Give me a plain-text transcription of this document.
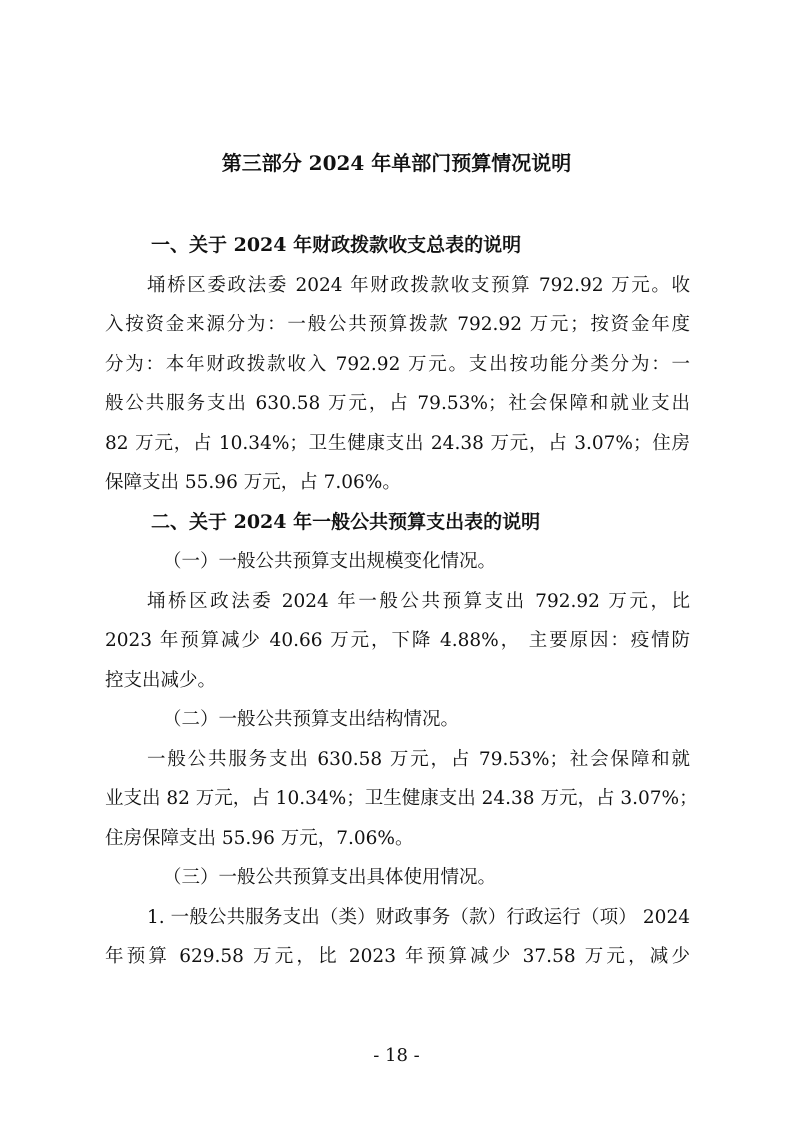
第三部分 2024 年单部门预算情况说明
一、关于 2024 年财政拨款收支总表的说明
埇桥区委政法委 2024 年财政拨款收支预算 792.92 万元。收
入按资金来源分为：一般公共预算拨款 792.92 万元；按资金年度
分为：本年财政拨款收入 792.92 万元。支出按功能分类分为：一
般公共服务支出 630.58 万元，占 79.53%；社会保障和就业支出
82 万元，占 10.34%；卫生健康支出 24.38 万元，占 3.07%；住房
保障支出 55.96 万元，占 7.06%。
二、关于 2024 年一般公共预算支出表的说明
（一）一般公共预算支出规模变化情况。
埇桥区政法委 2024 年一般公共预算支出 792.92 万元，比
2023 年预算减少 40.66 万元，下降 4.88%， 主要原因：疫情防
控支出减少。
（二）一般公共预算支出结构情况。
一般公共服务支出 630.58 万元，占 79.53%；社会保障和就
业支出 82 万元，占 10.34%；卫生健康支出 24.38 万元，占 3.07%；
住房保障支出 55.96 万元，7.06%。
（三）一般公共预算支出具体使用情况。
1. 一般公共服务支出（类）财政事务（款）行政运行（项） 2024
年预算 629.58 万元，比 2023 年预算减少 37.58 万元，减少
- 18 -
